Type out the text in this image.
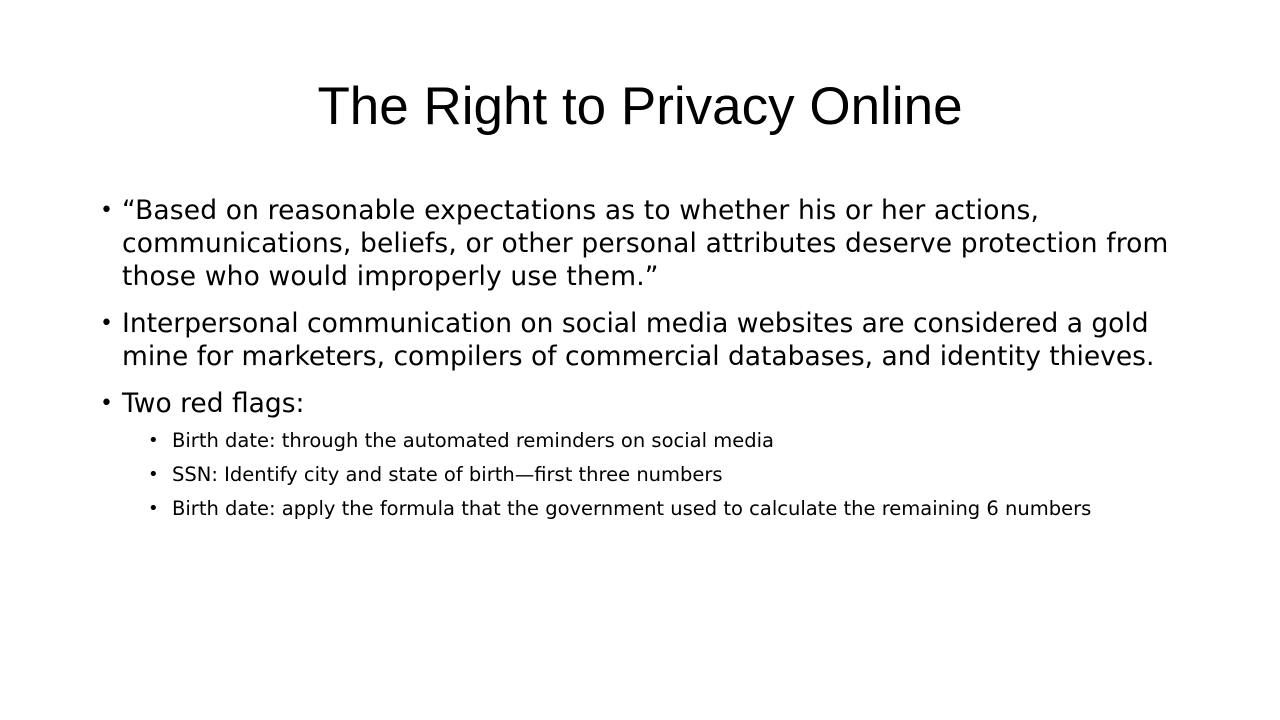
The Right to Privacy Online
• “Based on reasonable expectations as to whether his or her actions, communications, beliefs, or other personal attributes deserve protection from those who would improperly use them.”
• Interpersonal communication on social media websites are considered a gold mine for marketers, compilers of commercial databases, and identity thieves.
• Two red flags:
• Birth date: through the automated reminders on social media
• SSN: Identify city and state of birth—first three numbers
• Birth date: apply the formula that the government used to calculate the remaining 6 numbers
